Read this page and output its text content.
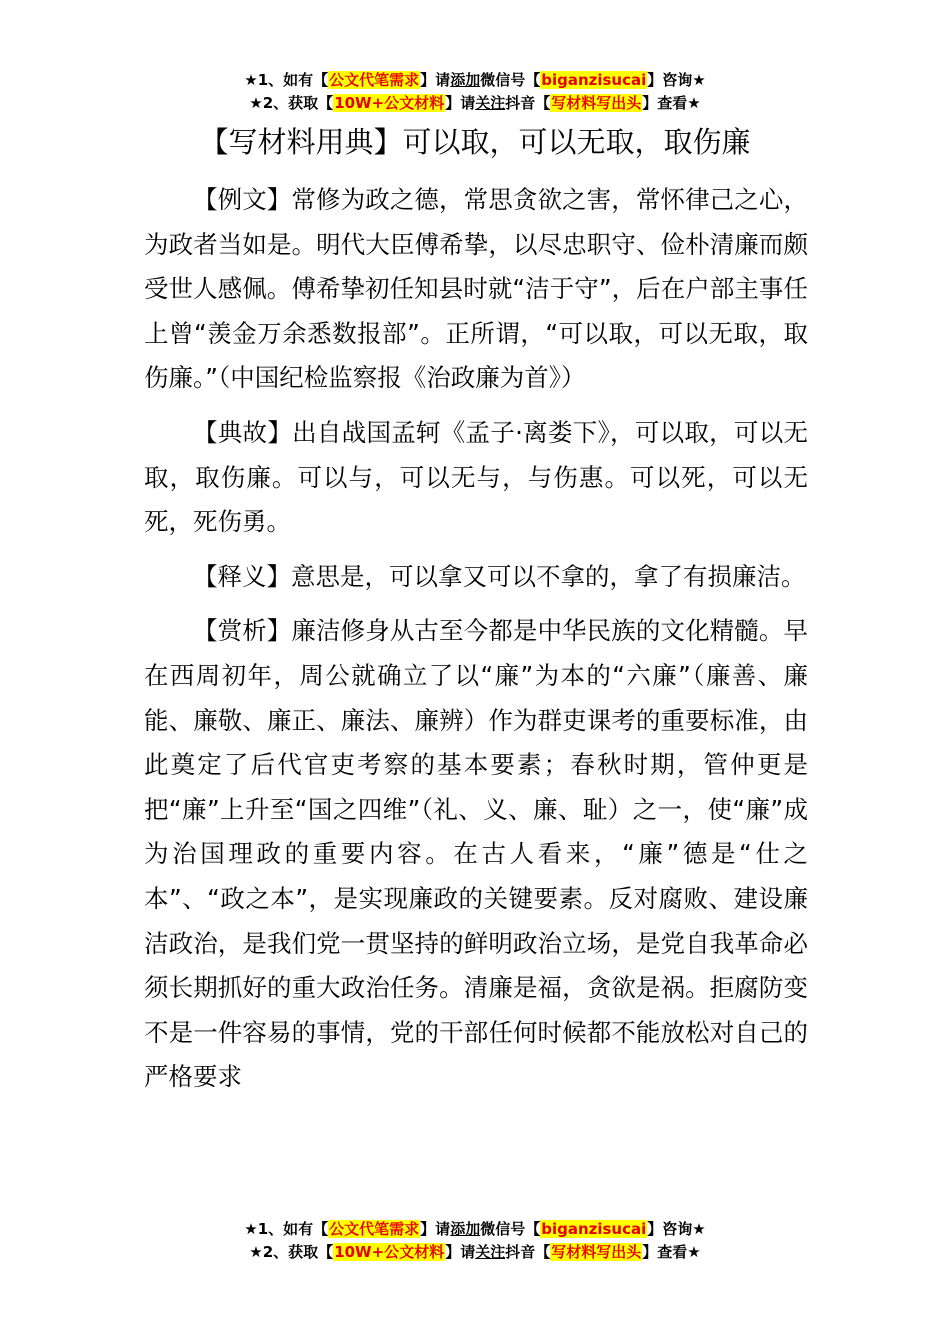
★1、如有【公文代笔需求】请添加微信号【biganzisucai】咨询★
★2、获取【10W+公文材料】请关注抖音【写材料写出头】查看★
【写材料用典】可以取，可以无取，取伤廉

【例文】常修为政之德，常思贪欲之害，常怀律己之心，为政者当如是。明代大臣傅希挚，以尽忠职守、俭朴清廉而颇受世人感佩。傅希挚初任知县时就“洁于守”，后在户部主事任上曾“羡金万余悉数报部”。正所谓，“可以取，可以无取，取伤廉。”（中国纪检监察报《治政廉为首》）

【典故】出自战国孟轲《孟子·离娄下》，可以取，可以无取，取伤廉。可以与，可以无与，与伤惠。可以死，可以无死，死伤勇。

【释义】意思是，可以拿又可以不拿的，拿了有损廉洁。

【赏析】廉洁修身从古至今都是中华民族的文化精髓。早在西周初年，周公就确立了以“廉”为本的“六廉”（廉善、廉能、廉敬、廉正、廉法、廉辨）作为群吏课考的重要标准，由此奠定了后代官吏考察的基本要素；春秋时期，管仲更是把“廉”上升至“国之四维”（礼、义、廉、耻）之一，使“廉”成为治国理政的重要内容。在古人看来，“廉”德是“仕之本”、“政之本”，是实现廉政的关键要素。反对腐败、建设廉洁政治，是我们党一贯坚持的鲜明政治立场，是党自我革命必须长期抓好的重大政治任务。清廉是福，贪欲是祸。拒腐防变不是一件容易的事情，党的干部任何时候都不能放松对自己的严格要求

★1、如有【公文代笔需求】请添加微信号【biganzisucai】咨询★
★2、获取【10W+公文材料】请关注抖音【写材料写出头】查看★
